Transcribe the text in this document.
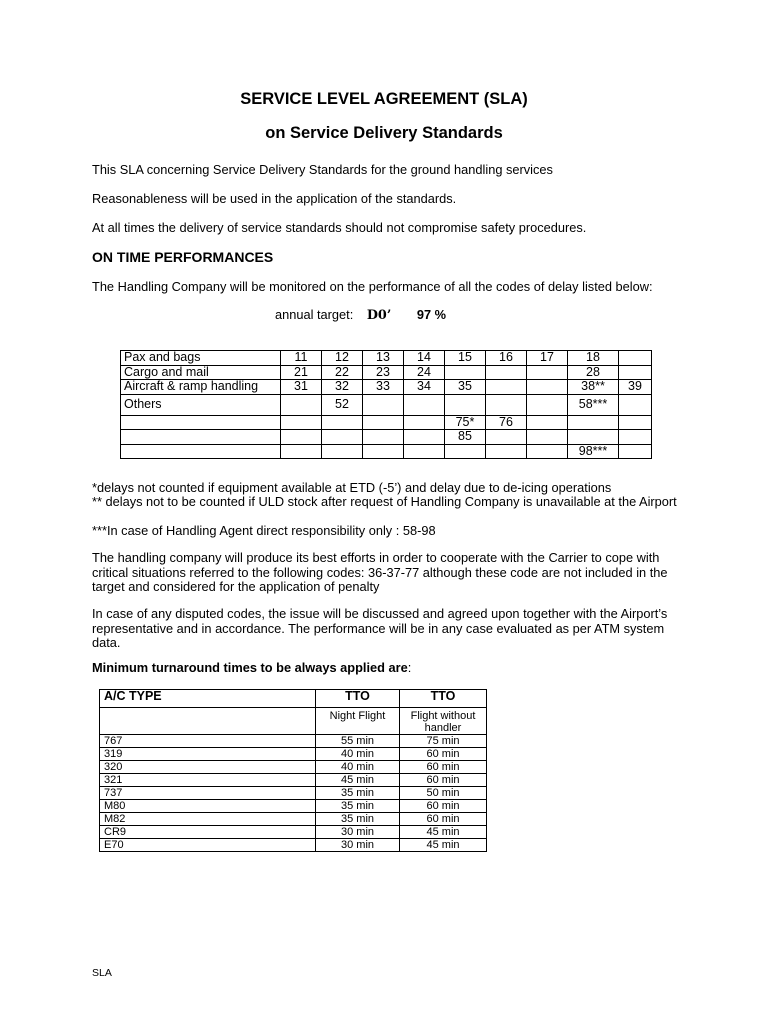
SERVICE LEVEL AGREEMENT (SLA)

on Service Delivery Standards

This SLA concerning Service Delivery Standards for the ground handling services

Reasonableness will be used in the application of the standards.

At all times the delivery of service standards should not compromise safety procedures.

ON TIME PERFORMANCES

The Handling Company will be monitored on the performance of all the codes of delay listed below:

annual target: D0’ 97 %

Pax and bags	11	12	13	14	15	16	17	18	
Cargo and mail	21	22	23	24				28	
Aircraft & ramp handling	31	32	33	34	35			38**	39
Others		52						58***	
					75*	76			
					85				
								98***	

*delays not counted if equipment available at ETD (-5’) and delay due to de-icing operations

** delays not to be counted if ULD stock after request of Handling Company is unavailable at the Airport

***In case of Handling Agent direct responsibility only : 58-98

The handling company will produce its best efforts in order to cooperate with the Carrier to cope with critical situations referred to the following codes: 36-37-77 although these code are not included in the target and considered for the application of penalty

In case of any disputed codes, the issue will be discussed and agreed upon together with the Airport’s representative and in accordance. The performance will be in any case evaluated as per ATM system data.

Minimum turnaround times to be always applied are:

A/C TYPE	TTO	TTO
	Night Flight	Flight without handler
767	55 min	75 min
319	40 min	60 min
320	40 min	60 min
321	45 min	60 min
737	35 min	50 min
M80	35 min	60 min
M82	35 min	60 min
CR9	30 min	45 min
E70	30 min	45 min

SLA
